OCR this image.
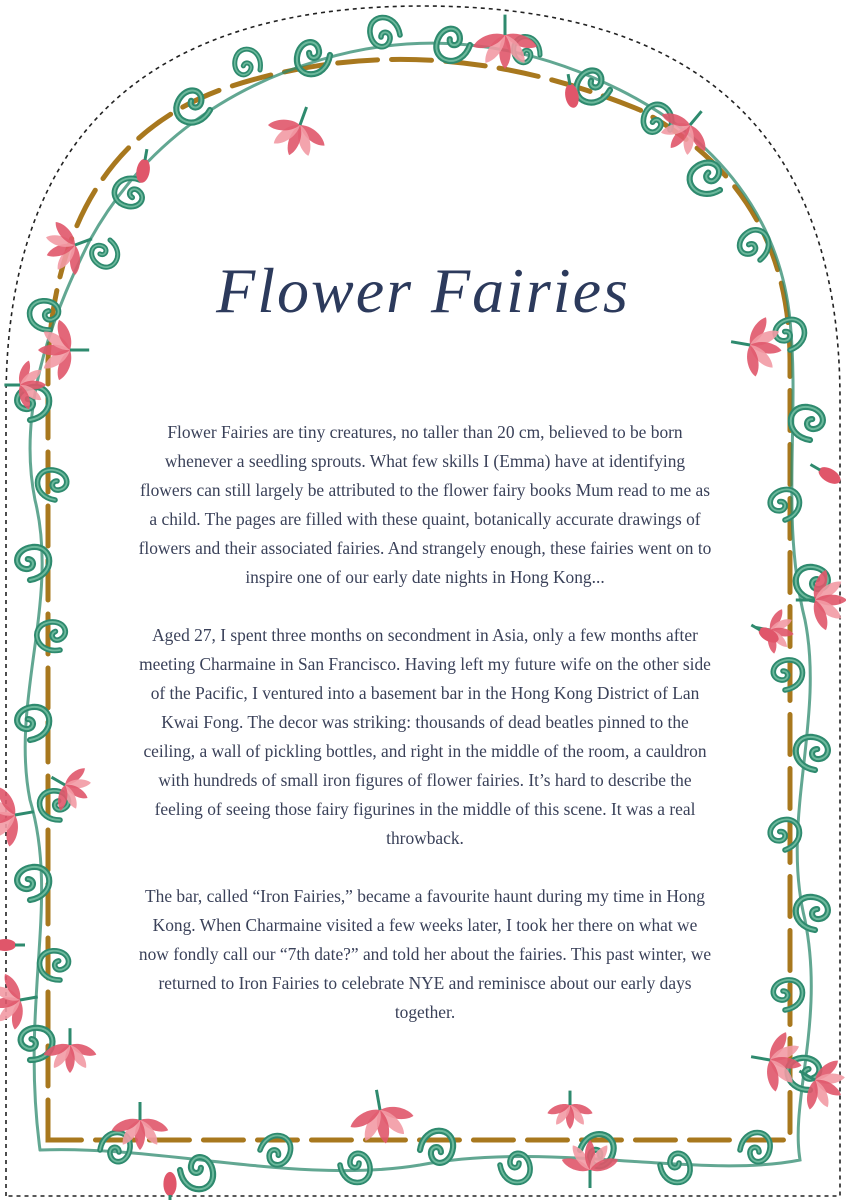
Flower Fairies

Flower Fairies are tiny creatures, no taller than 20 cm, believed to be born whenever a seedling sprouts. What few skills I (Emma) have at identifying flowers can still largely be attributed to the flower fairy books Mum read to me as a child. The pages are filled with these quaint, botanically accurate drawings of flowers and their associated fairies. And strangely enough, these fairies went on to inspire one of our early date nights in Hong Kong...

Aged 27, I spent three months on secondment in Asia, only a few months after meeting Charmaine in San Francisco. Having left my future wife on the other side of the Pacific, I ventured into a basement bar in the Hong Kong District of Lan Kwai Fong. The decor was striking: thousands of dead beatles pinned to the ceiling, a wall of pickling bottles, and right in the middle of the room, a cauldron with hundreds of small iron figures of flower fairies. It’s hard to describe the feeling of seeing those fairy figurines in the middle of this scene. It was a real throwback.

The bar, called “Iron Fairies,” became a favourite haunt during my time in Hong Kong. When Charmaine visited a few weeks later, I took her there on what we now fondly call our “7th date?” and told her about the fairies. This past winter, we returned to Iron Fairies to celebrate NYE and reminisce about our early days together.
